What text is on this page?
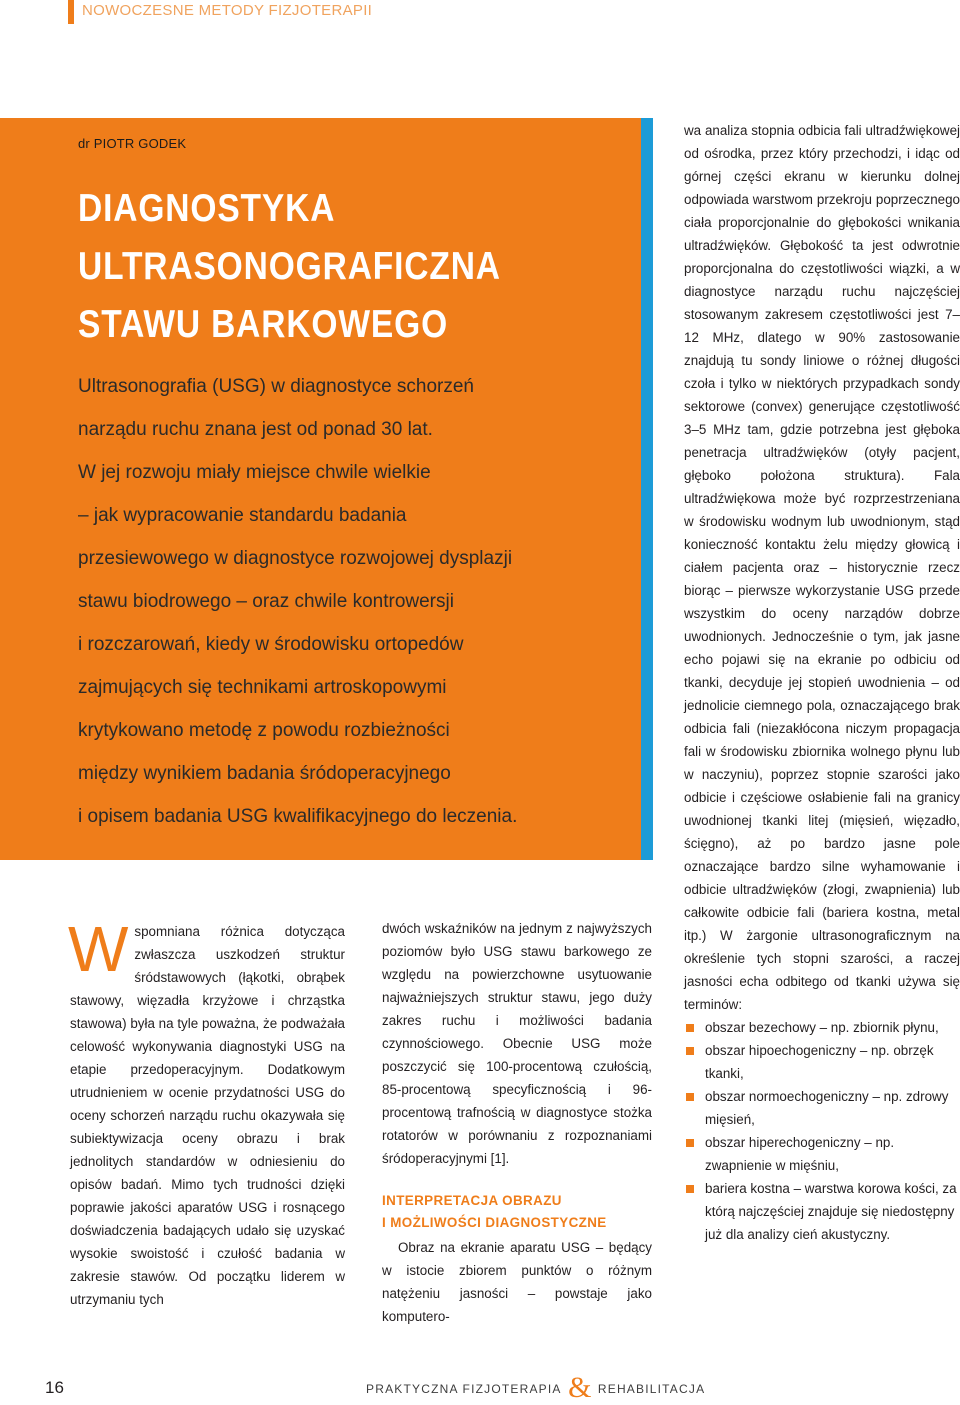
NOWOCZESNE METODY FIZJOTERAPII
dr PIOTR GODEK
DIAGNOSTYKA
ULTRASONOGRAFICZNA
STAWU BARKOWEGO
Ultrasonografia (USG) w diagnostyce schorzeń
narządu ruchu znana jest od ponad 30 lat.
W jej rozwoju miały miejsce chwile wielkie
– jak wypracowanie standardu badania
przesiewowego w diagnostyce rozwojowej dysplazji
stawu biodrowego – oraz chwile kontrowersji
i rozczarowań, kiedy w środowisku ortopedów
zajmujących się technikami artroskopowymi
krytykowano metodę z powodu rozbieżności
między wynikiem badania śródoperacyjnego
i opisem badania USG kwalifikacyjnego do leczenia.

Wspomniana różnica dotycząca zwłaszcza uszkodzeń struktur śródstawowych (łąkotki, obrąbek stawowy, więzadła krzyżowe i chrząstka stawowa) była na tyle poważna, że podważała celowość wykonywania diagnostyki USG na etapie przedoperacyjnym. Dodatkowym utrudnieniem w ocenie przydatności USG do oceny schorzeń narządu ruchu okazywała się subiektywizacja oceny obrazu i brak jednolitych standardów w odniesieniu do opisów badań. Mimo tych trudności dzięki poprawie jakości aparatów USG i rosnącego doświadczenia badających udało się uzyskać wysokie swoistość i czułość badania w zakresie stawów. Od początku liderem w utrzymaniu tych

dwóch wskaźników na jednym z najwyższych poziomów było USG stawu barkowego ze względu na powierzchowne usytuowanie najważniejszych struktur stawu, jego duży zakres ruchu i możliwości badania czynnościowego. Obecnie USG może poszczycić się 100-procentową czułością, 85-procentową specyficznością i 96-procentową trafnością w diagnostyce stożka rotatorów w porównaniu z rozpoznaniami śródoperacyjnymi [1].

INTERPRETACJA OBRAZU
I MOŻLIWOŚCI DIAGNOSTYCZNE

Obraz na ekranie aparatu USG – będący w istocie zbiorem punktów o różnym natężeniu jasności – powstaje jako komputero-

wa analiza stopnia odbicia fali ultradźwiękowej od ośrodka, przez który przechodzi, i idąc od górnej części ekranu w kierunku dolnej odpowiada warstwom przekroju poprzecznego ciała proporcjonalnie do głębokości wnikania ultradźwięków. Głębokość ta jest odwrotnie proporcjonalna do częstotliwości wiązki, a w diagnostyce narządu ruchu najczęściej stosowanym zakresem częstotliwości jest 7–12 MHz, dlatego w 90% zastosowanie znajdują tu sondy liniowe o różnej długości czoła i tylko w niektórych przypadkach sondy sektorowe (convex) generujące częstotliwość 3–5 MHz tam, gdzie potrzebna jest głęboka penetracja ultradźwięków (otyły pacjent, głęboko położona struktura). Fala ultradźwiękowa może być rozprzestrzeniana w środowisku wodnym lub uwodnionym, stąd konieczność kontaktu żelu między głowicą i ciałem pacjenta oraz – historycznie rzecz biorąc – pierwsze wykorzystanie USG przede wszystkim do oceny narządów dobrze uwodnionych. Jednocześnie o tym, jak jasne echo pojawi się na ekranie po odbiciu od tkanki, decyduje jej stopień uwodnienia – od jednolicie ciemnego pola, oznaczającego brak odbicia fali (niezakłócona niczym propagacja fali w środowisku zbiornika wolnego płynu lub w naczyniu), poprzez stopnie szarości jako odbicie i częściowe osłabienie fali na granicy uwodnionej tkanki litej (mięsień, więzadło, ścięgno), aż po bardzo jasne pole oznaczające bardzo silne wyhamowanie i odbicie ultradźwięków (złogi, zwapnienia) lub całkowite odbicie fali (bariera kostna, metal itp.) W żargonie ultrasonograficznym na określenie tych stopni szarości, a raczej jasności echa odbitego od tkanki używa się terminów:

obszar bezechowy – np. zbiornik płynu,
obszar hipoechogeniczny – np. obrzęk tkanki,
obszar normoechogeniczny – np. zdrowy mięsień,
obszar hiperechogeniczny – np. zwapnienie w mięśniu,
bariera kostna – warstwa korowa kości, za którą najczęściej znajduje się niedostępny już dla analizy cień akustyczny.
16	PRAKTYCZNA FIZJOTERAPIA & REHABILITACJA
